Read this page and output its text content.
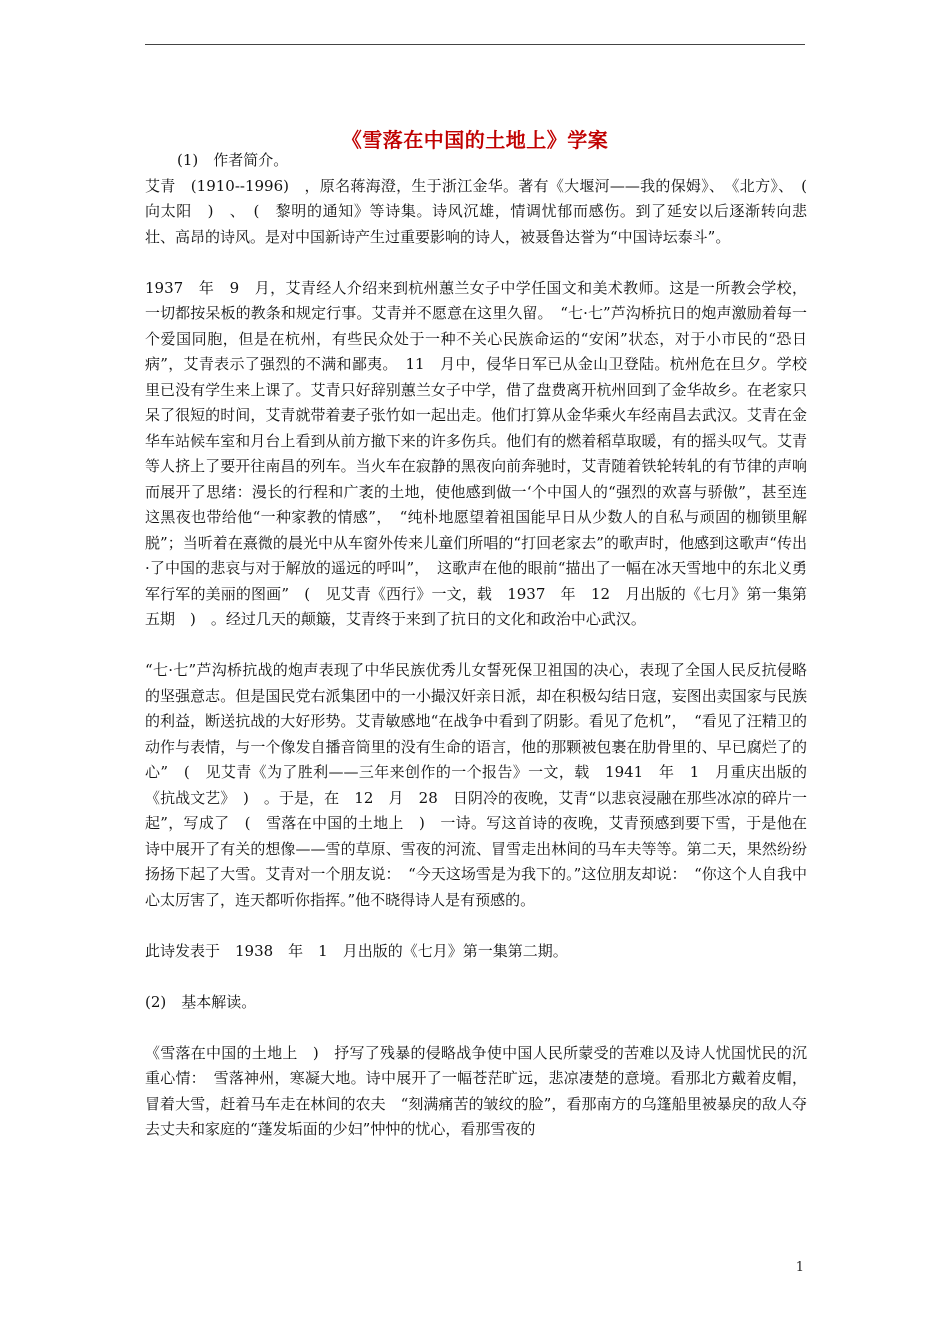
《雪落在中国的土地上》学案

(1)　作者简介。

艾青　(1910--1996)　，原名蒋海澄，生于浙江金华。著有《大堰河——我的保姆》、　《北方》、　(　向太阳　)　、　(　黎明的通知》等诗集。诗风沉雄，情调忧郁而感伤。到了延安以后逐渐转向悲壮、高昂的诗风。是对中国新诗产生过重要影响的诗人，被聂鲁达誉为“中国诗坛泰斗”。

1937　年　9　月，艾青经人介绍来到杭州蕙兰女子中学任国文和美术教师。这是一所教会学校，一切都按呆板的教条和规定行事。艾青并不愿意在这里久留。　“七·七”芦沟桥抗日的炮声激励着每一个爱国同胞，但是在杭州，有些民众处于一种不关心民族命运的“安闲”状态，对于小市民的“恐日病”，艾青表示了强烈的不满和鄙夷。　11　月中，侵华日军已从金山卫登陆。杭州危在旦夕。学校里已没有学生来上课了。艾青只好辞别蕙兰女子中学，借了盘费离开杭州回到了金华故乡。在老家只呆了很短的时间，艾青就带着妻子张竹如一起出走。他们打算从金华乘火车经南昌去武汉。艾青在金华车站候车室和月台上看到从前方撤下来的许多伤兵。他们有的燃着稻草取暖，有的摇头叹气。艾青等人挤上了要开往南昌的列车。当火车在寂静的黑夜向前奔驰时，艾青随着铁轮转轧的有节律的声响而展开了思绪：漫长的行程和广袤的土地，使他感到做一‘个中国人的“强烈的欢喜与骄傲”，甚至连这黑夜也带给他“一种家教的情感”，　“纯朴地愿望着祖国能早日从少数人的自私与顽固的枷锁里解脱”；当听着在熹微的晨光中从车窗外传来儿童们所唱的“打回老家去”的歌声时，他感到这歌声“传出·了中国的悲哀与对于解放的遥远的呼叫”，　这歌声在他的眼前“描出了一幅在冰天雪地中的东北义勇军行军的美丽的图画”　(　见艾青《西行》一文，载　1937　年　12　月出版的《七月》第一集第五期　)　。经过几天的颠簸，艾青终于来到了抗日的文化和政治中心武汉。

“七·七”芦沟桥抗战的炮声表现了中华民族优秀儿女誓死保卫祖国的决心，表现了全国人民反抗侵略的坚强意志。但是国民党右派集团中的一小撮汉奸亲日派，却在积极勾结日寇，妄图出卖国家与民族的利益，断送抗战的大好形势。艾青敏感地“在战争中看到了阴影。看见了危机”，　“看见了汪精卫的动作与表情，与一个像发自播音筒里的没有生命的语言，他的那颗被包裹在肋骨里的、早已腐烂了的心”　(　见艾青《为了胜利——三年来创作的一个报告》一文，载　1941　年　1　月重庆出版的《抗战文艺》　)　。于是，在　12　月　28　日阴冷的夜晚，艾青“以悲哀浸融在那些冰凉的碎片一起”，写成了　(　雪落在中国的土地上　)　一诗。写这首诗的夜晚，艾青预感到要下雪，于是他在诗中展开了有关的想像——雪的草原、雪夜的河流、冒雪走出林间的马车夫等等。第二天，果然纷纷扬扬下起了大雪。艾青对一个朋友说：　“今天这场雪是为我下的。”这位朋友却说：　“你这个人自我中心太厉害了，连天都听你指挥。”他不晓得诗人是有预感的。

此诗发表于　1938　年　1　月出版的《七月》第一集第二期。

(2)　基本解读。

《雪落在中国的土地上　)　抒写了残暴的侵略战争使中国人民所蒙受的苦难以及诗人忧国忧民的沉重心情：　雪落神州，寒凝大地。诗中展开了一幅苍茫旷远，悲凉凄楚的意境。看那北方戴着皮帽，冒着大雪，赶着马车走在林间的农夫　“刻满痛苦的皱纹的脸”，看那南方的乌篷船里被暴戾的敌人夺去丈夫和家庭的“蓬发垢面的少妇”忡忡的忧心，看那雪夜的

1
